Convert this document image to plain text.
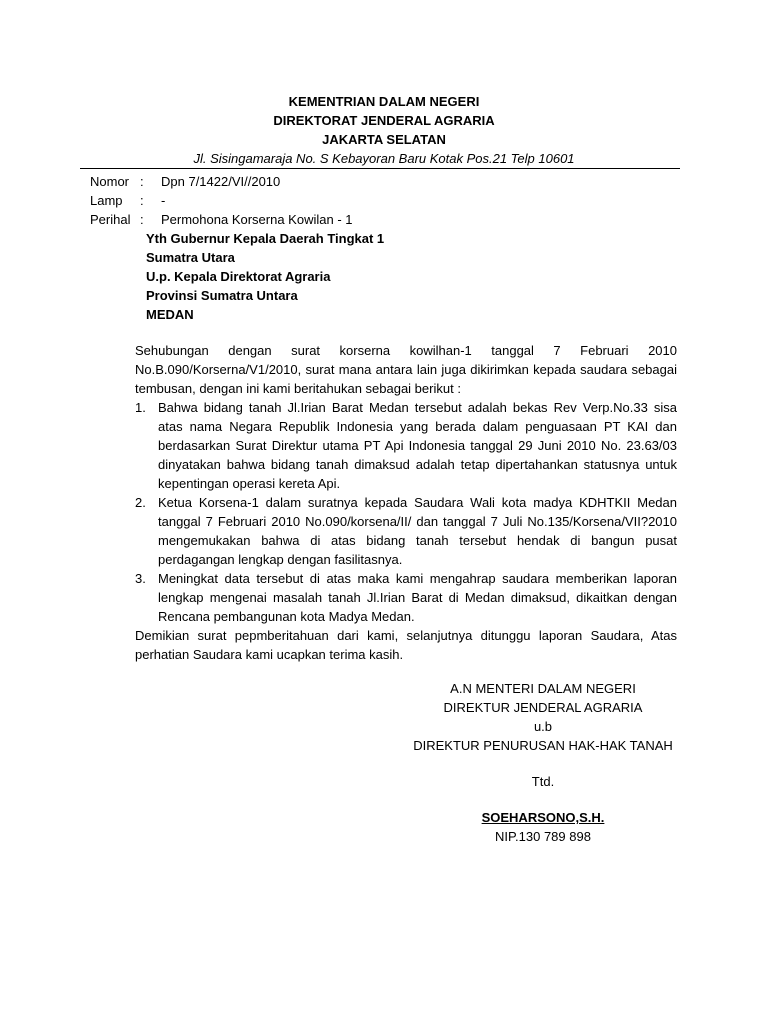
KEMENTRIAN DALAM NEGERI
DIREKTORAT JENDERAL AGRARIA
JAKARTA SELATAN
Jl. Sisingamaraja No. S Kebayoran Baru Kotak Pos.21 Telp 10601
Nomor :	Dpn 7/1422/VI//2010
Lamp	:	-
Perihal :	Permohona Korserna Kowilan - 1
Yth Gubernur Kepala Daerah Tingkat 1
Sumatra Utara
U.p. Kepala Direktorat Agraria
Provinsi Sumatra Untara
MEDAN

Sehubungan dengan surat korserna kowilhan-1 tanggal 7 Februari 2010 No.B.090/Korserna/V1/2010, surat mana antara lain juga dikirimkan kepada saudara sebagai tembusan, dengan ini kami beritahukan sebagai berikut :

1. Bahwa bidang tanah Jl.Irian Barat Medan tersebut adalah bekas Rev Verp.No.33 sisa atas nama Negara Republik Indonesia yang berada dalam penguasaan PT KAI dan berdasarkan Surat Direktur utama PT Api Indonesia tanggal 29 Juni 2010 No. 23.63/03 dinyatakan bahwa bidang tanah dimaksud adalah tetap dipertahankan statusnya untuk kepentingan operasi kereta Api.
2. Ketua Korsena-1 dalam suratnya kepada Saudara Wali kota madya KDHTKII Medan tanggal 7 Februari 2010 No.090/korsena/II/ dan tanggal 7 Juli No.135/Korsena/VII?2010 mengemukakan bahwa di atas bidang tanah tersebut hendak di bangun pusat perdagangan lengkap dengan fasilitasnya.
3. Meningkat data tersebut di atas maka kami mengahrap saudara memberikan laporan lengkap mengenai masalah tanah Jl.Irian Barat di Medan dimaksud, dikaitkan dengan Rencana pembangunan kota Madya Medan.

Demikian surat pepmberitahuan dari kami, selanjutnya ditunggu laporan Saudara, Atas perhatian Saudara kami ucapkan terima kasih.

A.N MENTERI DALAM NEGERI
DIREKTUR JENDERAL AGRARIA
u.b
DIREKTUR PENURUSAN HAK-HAK TANAH
Ttd.
SOEHARSONO,S.H.
NIP.130 789 898
